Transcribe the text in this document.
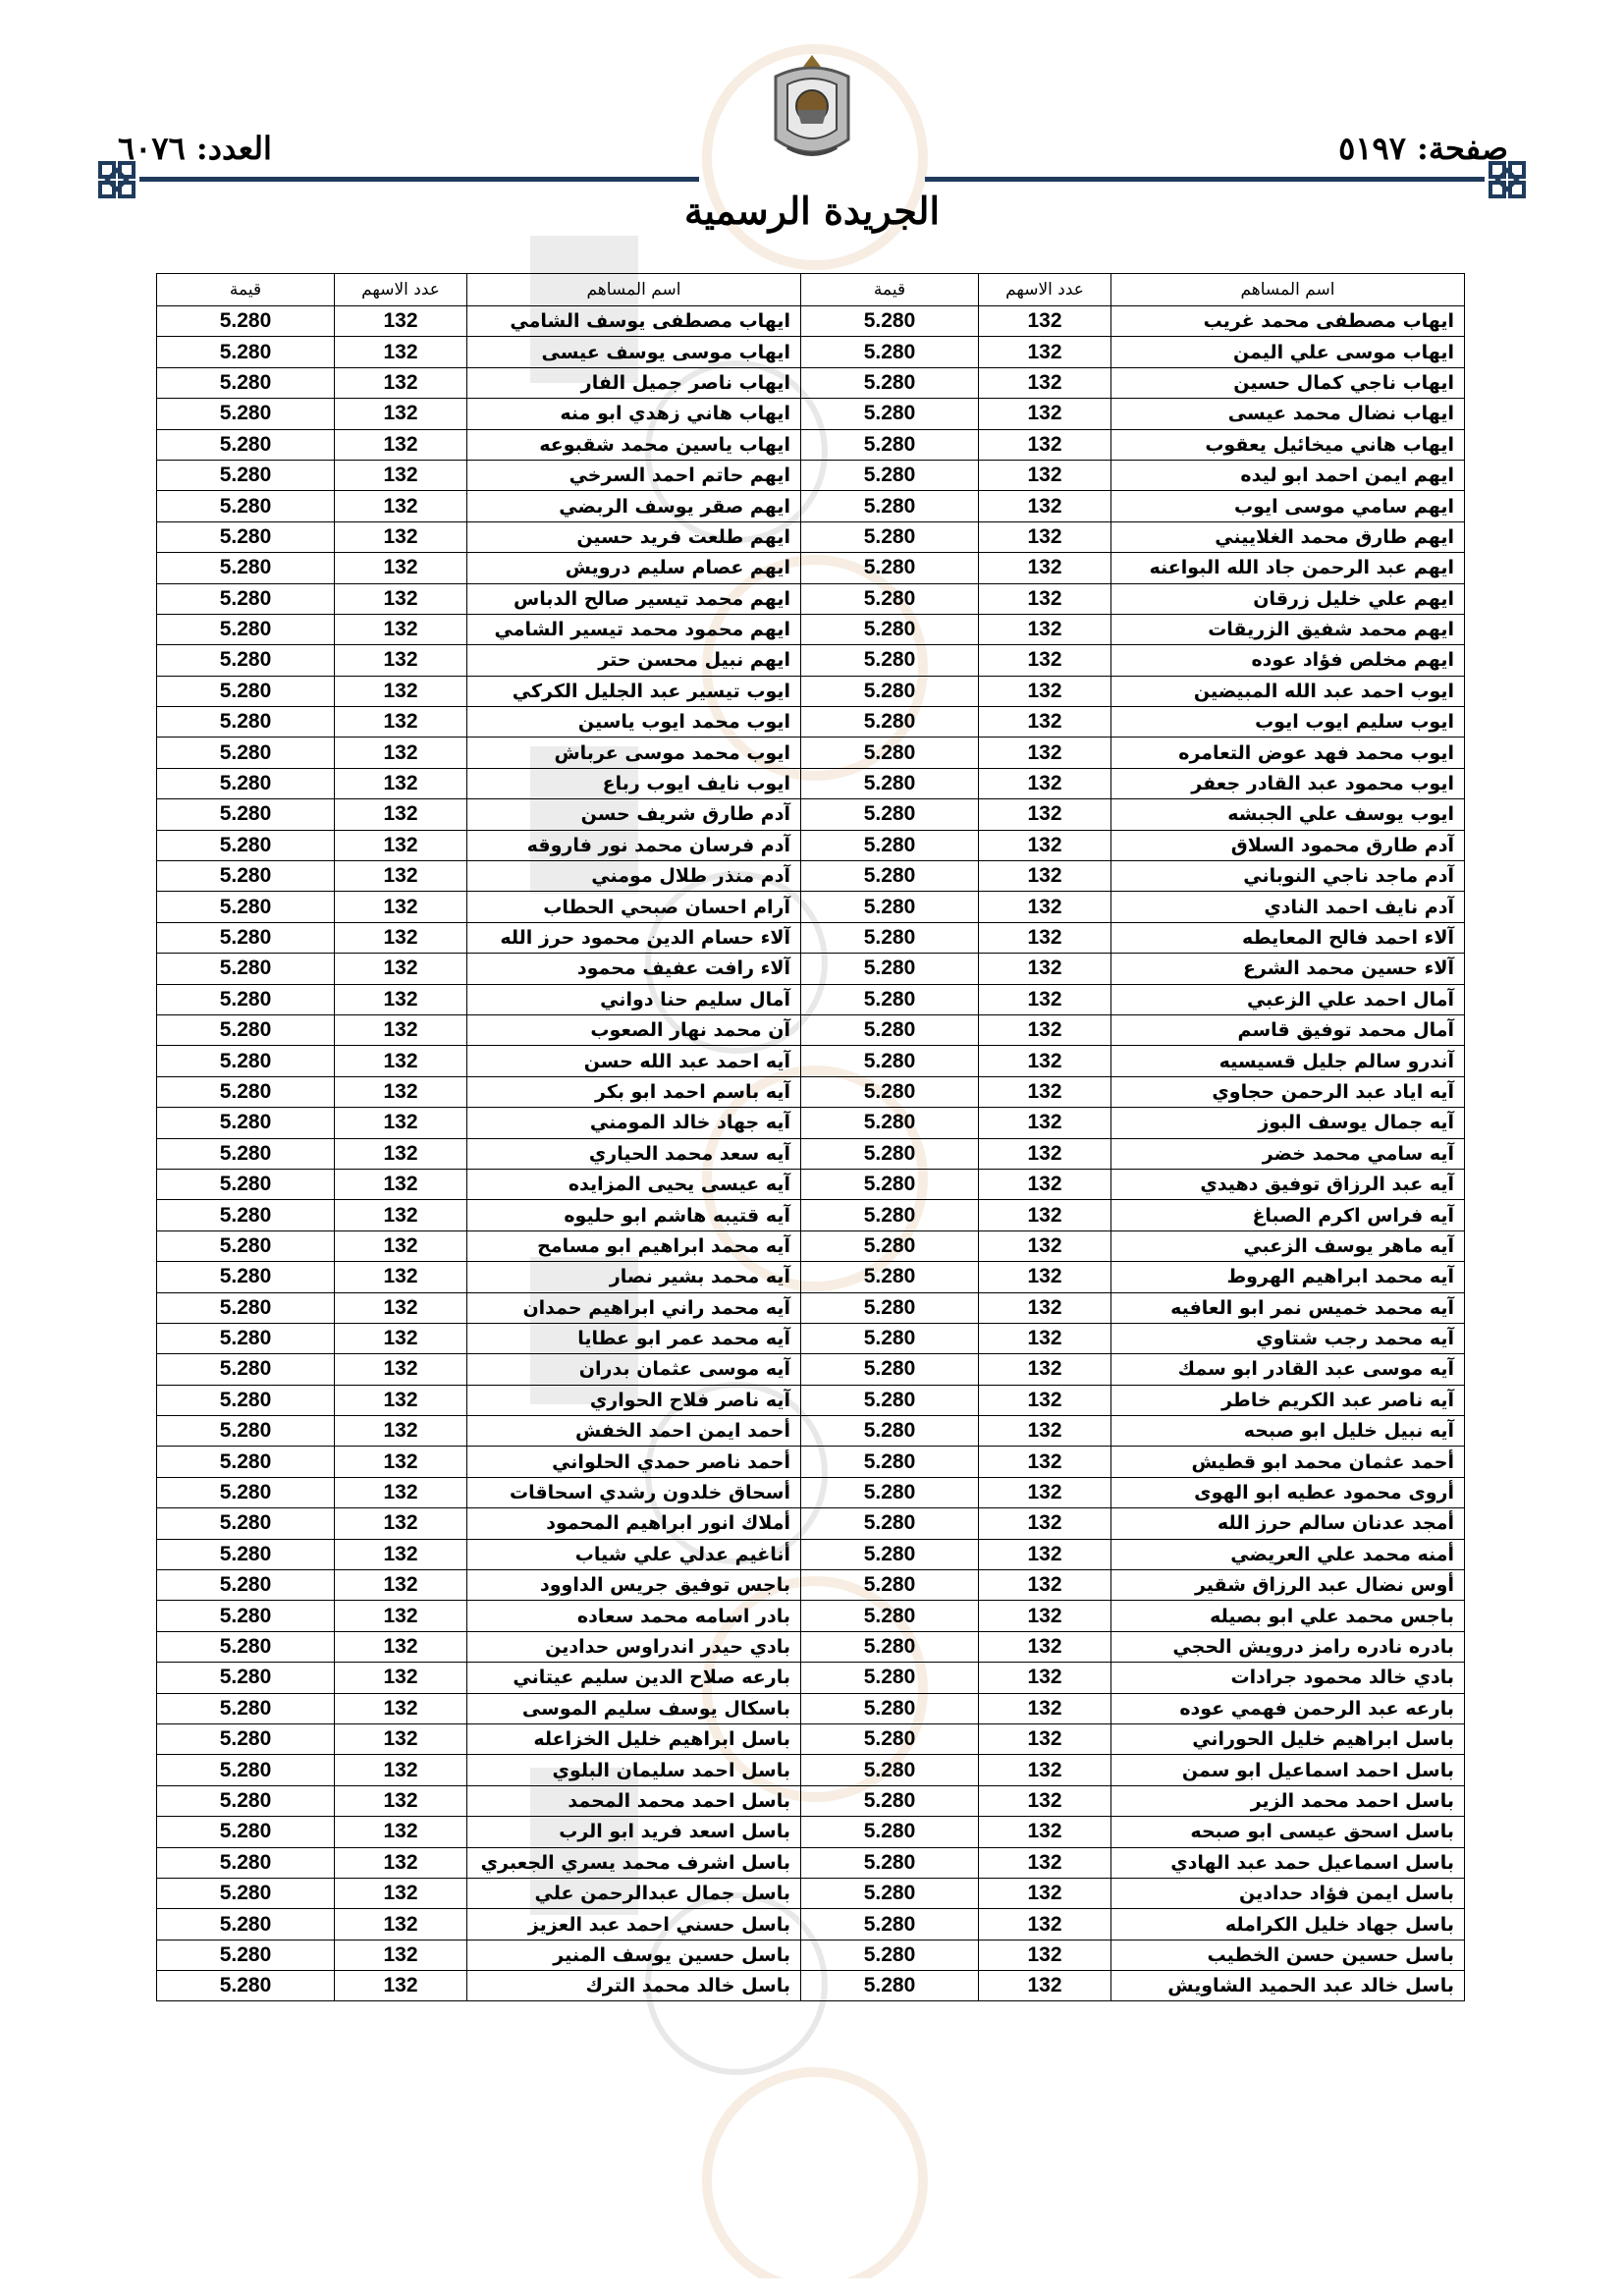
صفحة: ٥١٩٧
العدد: ٦٠٧٦
الجريدة الرسمية
اسم المساهم	عدد الاسهم	قيمة	اسم المساهم	عدد الاسهم	قيمة
ايهاب مصطفى محمد غريب	132	5.280	ايهاب مصطفى يوسف الشامي	132	5.280
ايهاب موسى علي اليمن	132	5.280	ايهاب موسى يوسف عيسى	132	5.280
ايهاب ناجي كمال حسين	132	5.280	ايهاب ناصر جميل الفار	132	5.280
ايهاب نضال محمد عيسى	132	5.280	ايهاب هاني زهدي ابو منه	132	5.280
ايهاب هاني ميخائيل يعقوب	132	5.280	ايهاب ياسين محمد شقبوعه	132	5.280
ايهم ايمن احمد ابو ليده	132	5.280	ايهم حاتم احمد السرخي	132	5.280
ايهم سامي موسى ايوب	132	5.280	ايهم صقر يوسف الربضي	132	5.280
ايهم طارق محمد الغلاييني	132	5.280	ايهم طلعت فريد حسين	132	5.280
ايهم عبد الرحمن جاد الله البواعنه	132	5.280	ايهم عصام سليم درويش	132	5.280
ايهم علي خليل زرقان	132	5.280	ايهم محمد تيسير صالح الدباس	132	5.280
ايهم محمد شفيق الزريقات	132	5.280	ايهم محمود محمد تيسير الشامي	132	5.280
ايهم مخلص فؤاد عوده	132	5.280	ايهم نبيل محسن حتر	132	5.280
ايوب احمد عبد الله المبيضين	132	5.280	ايوب تيسير عبد الجليل الكركي	132	5.280
ايوب سليم ايوب ايوب	132	5.280	ايوب محمد ايوب ياسين	132	5.280
ايوب محمد فهد عوض التعامره	132	5.280	ايوب محمد موسى عرباش	132	5.280
ايوب محمود عبد القادر جعفر	132	5.280	ايوب نايف ايوب رباع	132	5.280
ايوب يوسف علي الجبشه	132	5.280	آدم طارق شريف حسن	132	5.280
آدم طارق محمود السلاق	132	5.280	آدم فرسان محمد نور فاروقه	132	5.280
آدم ماجد ناجي النوباني	132	5.280	آدم منذر طلال مومني	132	5.280
آدم نايف احمد النادي	132	5.280	آرام احسان صبحي الحطاب	132	5.280
آلاء احمد فالح المعايطه	132	5.280	آلاء حسام الدين محمود حرز الله	132	5.280
آلاء حسين محمد الشرع	132	5.280	آلاء رافت عفيف محمود	132	5.280
آمال احمد علي الزعبي	132	5.280	آمال سليم حنا دواني	132	5.280
آمال محمد توفيق قاسم	132	5.280	آن محمد نهار الصعوب	132	5.280
آندرو سالم جليل قسيسيه	132	5.280	آيه احمد عبد الله حسن	132	5.280
آيه اياد عبد الرحمن حجاوي	132	5.280	آيه باسم احمد ابو بكر	132	5.280
آيه جمال يوسف البوز	132	5.280	آيه جهاد خالد المومني	132	5.280
آيه سامي محمد خضر	132	5.280	آيه سعد محمد الحياري	132	5.280
آيه عبد الرزاق توفيق دهيدي	132	5.280	آيه عيسى يحيى المزايده	132	5.280
آيه فراس اكرم الصباغ	132	5.280	آيه قتيبه هاشم ابو حليوه	132	5.280
آيه ماهر يوسف الزعبي	132	5.280	آيه محمد ابراهيم ابو مسامح	132	5.280
آيه محمد ابراهيم الهروط	132	5.280	آيه محمد بشير نصار	132	5.280
آيه محمد خميس نمر ابو العافيه	132	5.280	آيه محمد راني ابراهيم حمدان	132	5.280
آيه محمد رجب شتاوي	132	5.280	آيه محمد عمر ابو عطايا	132	5.280
آيه موسى عبد القادر ابو سمك	132	5.280	آيه موسى عثمان بدران	132	5.280
آيه ناصر عبد الكريم خاطر	132	5.280	آيه ناصر فلاح الحواري	132	5.280
آيه نبيل خليل ابو صبحه	132	5.280	أحمد ايمن احمد الخفش	132	5.280
أحمد عثمان محمد ابو قطيش	132	5.280	أحمد ناصر حمدي الحلواني	132	5.280
أروى محمود عطيه ابو الهوى	132	5.280	أسحاق خلدون رشدي اسحاقات	132	5.280
أمجد عدنان سالم حرز الله	132	5.280	أملاك انور ابراهيم المحمود	132	5.280
أمنه محمد علي العريضي	132	5.280	أناغيم عدلي علي شياب	132	5.280
أوس نضال عبد الرزاق شقير	132	5.280	باجس توفيق جريس الداوود	132	5.280
باجس محمد علي ابو بصيله	132	5.280	بادر اسامه محمد سعاده	132	5.280
بادره نادره رامز درويش الحجي	132	5.280	بادي حيدر اندراوس حدادين	132	5.280
بادي خالد محمود جرادات	132	5.280	بارعه صلاح الدين سليم عيتاني	132	5.280
بارعه عبد الرحمن فهمي عوده	132	5.280	باسكال يوسف سليم الموسى	132	5.280
باسل ابراهيم خليل الحوراني	132	5.280	باسل ابراهيم خليل الخزاعله	132	5.280
باسل احمد اسماعيل ابو سمن	132	5.280	باسل احمد سليمان البلوي	132	5.280
باسل احمد محمد الزير	132	5.280	باسل احمد محمد المحمد	132	5.280
باسل اسحق عيسى ابو صبحه	132	5.280	باسل اسعد فريد ابو الرب	132	5.280
باسل اسماعيل حمد عبد الهادي	132	5.280	باسل اشرف محمد يسري الجعبري	132	5.280
باسل ايمن فؤاد حدادين	132	5.280	باسل جمال عبدالرحمن علي	132	5.280
باسل جهاد خليل الكرامله	132	5.280	باسل حسني احمد عبد العزيز	132	5.280
باسل حسين حسن الخطيب	132	5.280	باسل حسين يوسف المنير	132	5.280
باسل خالد عبد الحميد الشاويش	132	5.280	باسل خالد محمد الترك	132	5.280
